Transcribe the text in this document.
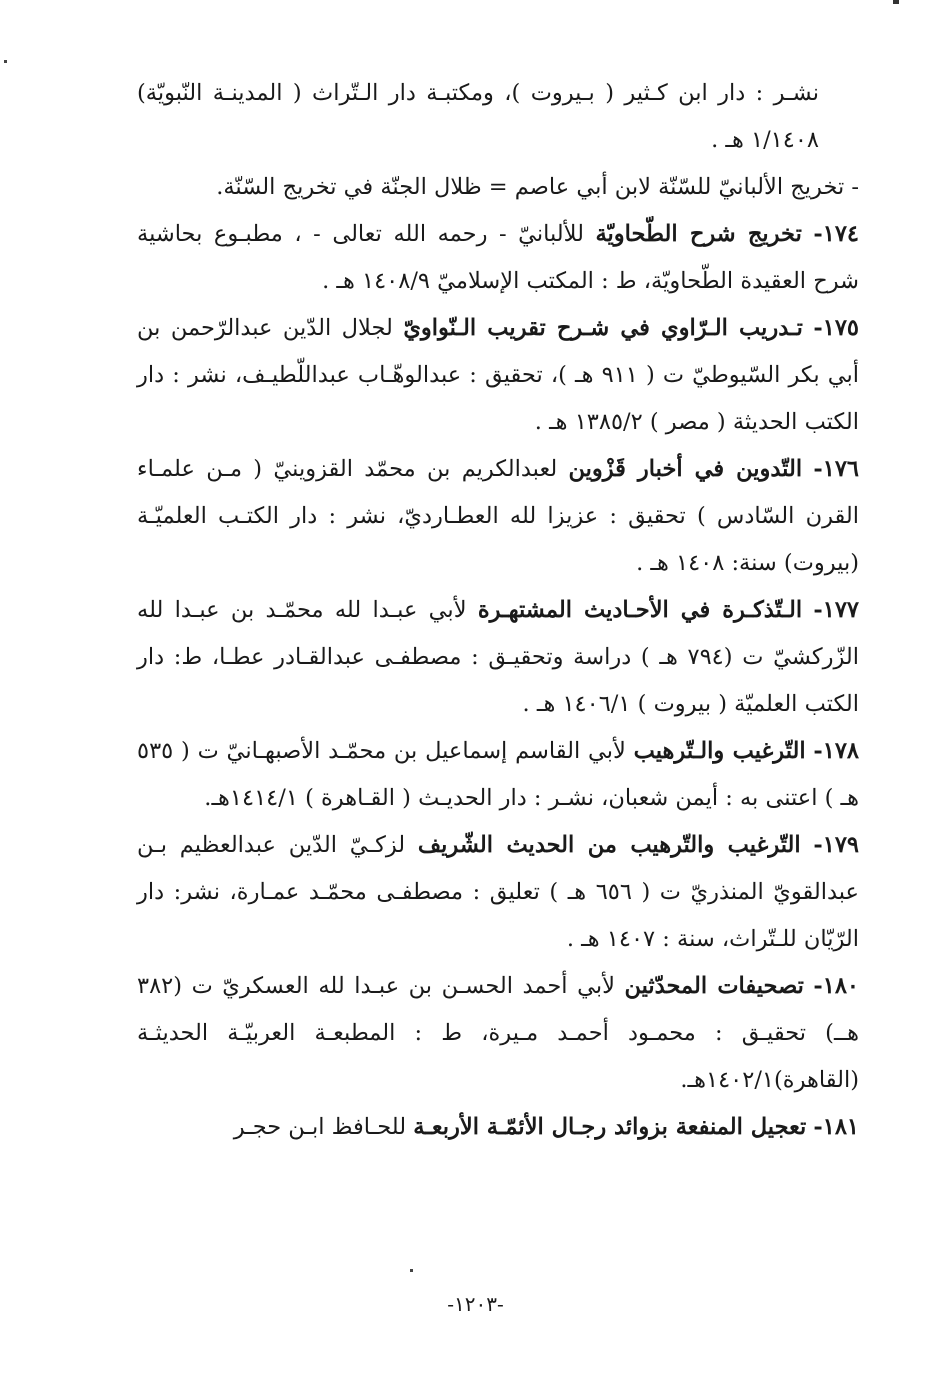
نشـر : دار ابن كـثير ( بـيروت )، ومكتبـة دار الـتّراث ( المدينـة النّبويّة) ١/١٤٠٨ هـ .

- تخريج الألبانيّ للسّنّة لابن أبي عاصم = ظلال الجنّة في تخريج السّنّة.

١٧٤- تخريج شرح الطّحاويّة للألبانيّ - رحمه الله تعالى - ، مطبـوع بحاشية شرح العقيدة الطّحاويّة، ط : المكتب الإسلاميّ ١٤٠٨/٩ هـ .

١٧٥- تـدريب الـرّاوي في شـرح تقريب الـنّواويّ لجلال الدّين عبدالرّحمن بن أبي بكر السّيوطيّ ت ( ٩١١ هـ )، تحقيق : عبدالوهّـاب عبداللّطيـف، نشر : دار الكتب الحديثة ( مصر ) ١٣٨٥/٢ هـ .

١٧٦- التّدوين في أخبار قَزْوين لعبدالكريم بن محمّد القزوينيّ ( مـن علمـاء القرن السّادس ) تحقيق : عزيزا لله العطـارديّ، نشر : دار الكتـب العلميّـة (بيروت) سنة: ١٤٠٨ هـ .

١٧٧- الـتّذكـرة في الأحـاديث المشتهـرة لأبي عبـدا لله محمّـد بن عبـدا لله الزّركشيّ ت (٧٩٤ هـ ) دراسة وتحقيـق : مصطفـى عبدالقـادر عطـا، ط: دار الكتب العلميّة ( بيروت ) ١٤٠٦/١ هـ .

١٧٨- التّرغيب والـتّرهيب لأبي القاسم إسماعيل بن محمّـد الأصبهـانيّ ت ( ٥٣٥ هـ ) اعتنى به : أيمن شعبان، نشـر : دار الحديـث ( القـاهرة ) ١٤١٤/١هـ.

١٧٩- التّرغيب والتّرهيب من الحديث الشّريف لزكـيّ الدّين عبدالعظيم بـن عبدالقويّ المنذريّ ت ( ٦٥٦ هـ ) تعليق : مصطفـى محمّـد عمـارة، نشر: دار الرّيّان للـتّراث، سنة : ١٤٠٧ هـ .

١٨٠- تصحيفات المحدّثين لأبي أحمد الحسـن بن عبـدا لله العسكريّ ت (٣٨٢ هــ) تحقيـق : محمـود أحمـد مـيرة، ط : المطبعـة العربيّـة الحديثـة (القاهرة)١٤٠٢/١هـ.

١٨١- تعجيل المنفعة بزوائد رجـال الأئمّـة الأربعـة للحـافظ ابـن حجـر

-١٢٠٣-
